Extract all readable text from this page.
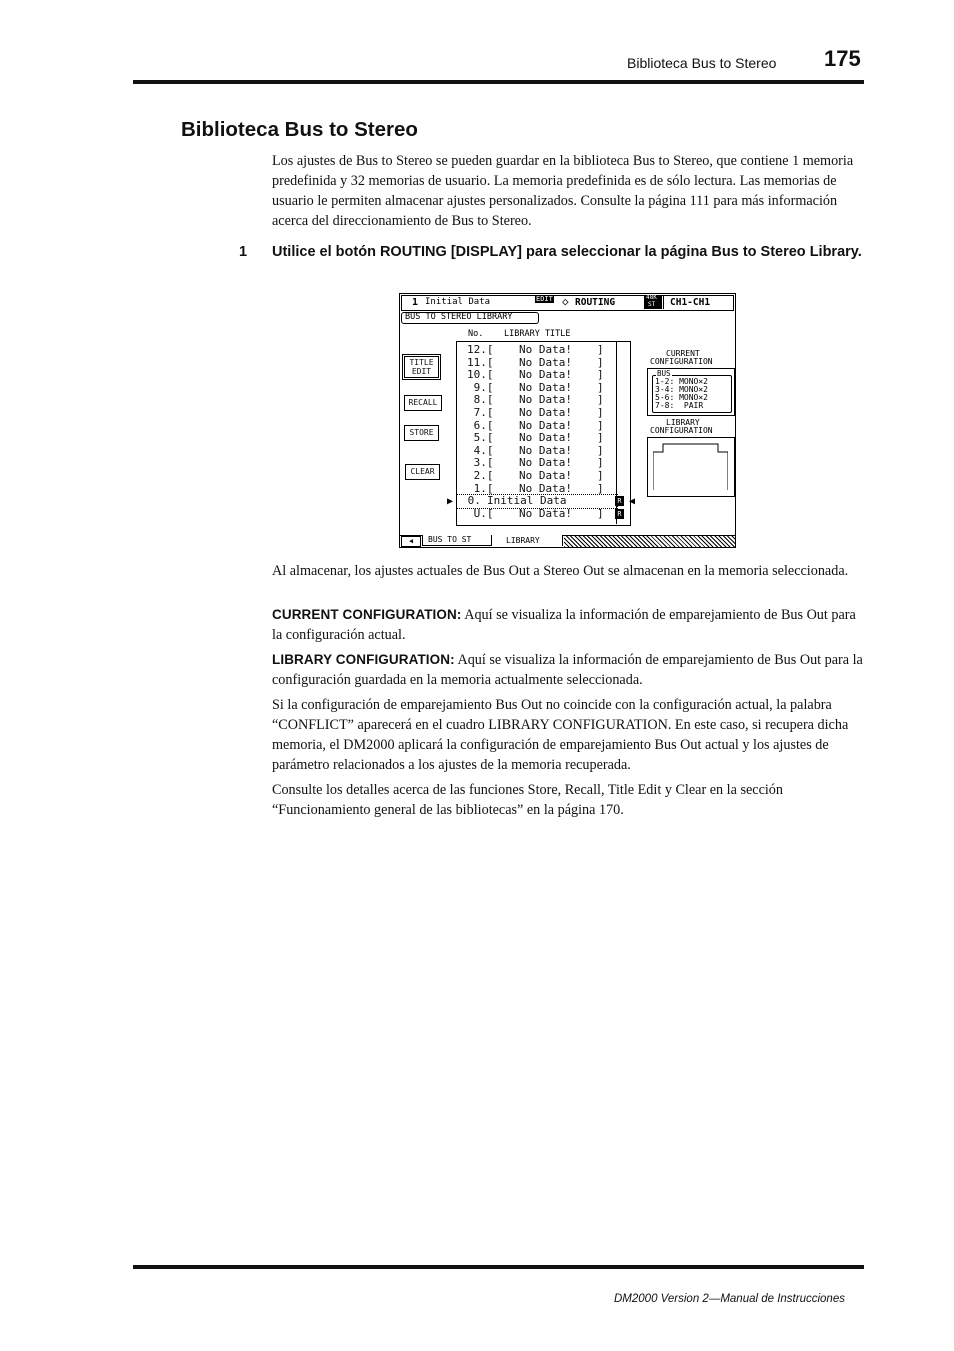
Biblioteca Bus to Stereo 175
Biblioteca Bus to Stereo

Los ajustes de Bus to Stereo se pueden guardar en la biblioteca Bus to Stereo, que contiene 1 memoria predefinida y 32 memorias de usuario. La memoria predefinida es de sólo lectura. Las memorias de usuario le permiten almacenar ajustes personalizados. Consulte la página 111 para más información acerca del direccionamiento de Bus to Stereo.

1 Utilice el botón ROUTING [DISPLAY] para seleccionar la página Bus to Stereo Library.

1 Initial Data	EDIT ◇ ROUTING	48K
ST CH1-CH1
BUS TO STEREO LIBRARY
No. LIBRARY TITLE
TITLE
EDIT
RECALL
STORE
CLEAR
12.[ No Data! ]
11.[ No Data! ]
10.[ No Data! ]
9.[ No Data! ]
8.[ No Data! ]
7.[ No Data! ]
6.[ No Data! ]
5.[ No Data! ]
4.[ No Data! ]
3.[ No Data! ]
2.[ No Data! ]
1.[ No Data! ]
0. Initial Data	R
U.[ No Data! ]	R
▶	◀
CURRENT
CONFIGURATION
BUS
1-2: MONO×2
3-4: MONO×2
5-6: MONO×2
7-8:  PAIR
LIBRARY
CONFIGURATION
◀	BUS TO ST	LIBRARY

Al almacenar, los ajustes actuales de Bus Out a Stereo Out se almacenan en la memoria seleccionada.

CURRENT CONFIGURATION: Aquí se visualiza la información de emparejamiento de Bus Out para la configuración actual.

LIBRARY CONFIGURATION: Aquí se visualiza la información de emparejamiento de Bus Out para la configuración guardada en la memoria actualmente seleccionada.

Si la configuración de emparejamiento Bus Out no coincide con la configuración actual, la palabra “CONFLICT” aparecerá en el cuadro LIBRARY CONFIGURATION. En este caso, si recupera dicha memoria, el DM2000 aplicará la configuración de emparejamiento Bus Out actual y los ajustes de parámetro relacionados a los ajustes de la memoria recuperada.

Consulte los detalles acerca de las funciones Store, Recall, Title Edit y Clear en la sección “Funcionamiento general de las bibliotecas” en la página 170.

DM2000 Version 2—Manual de Instrucciones
